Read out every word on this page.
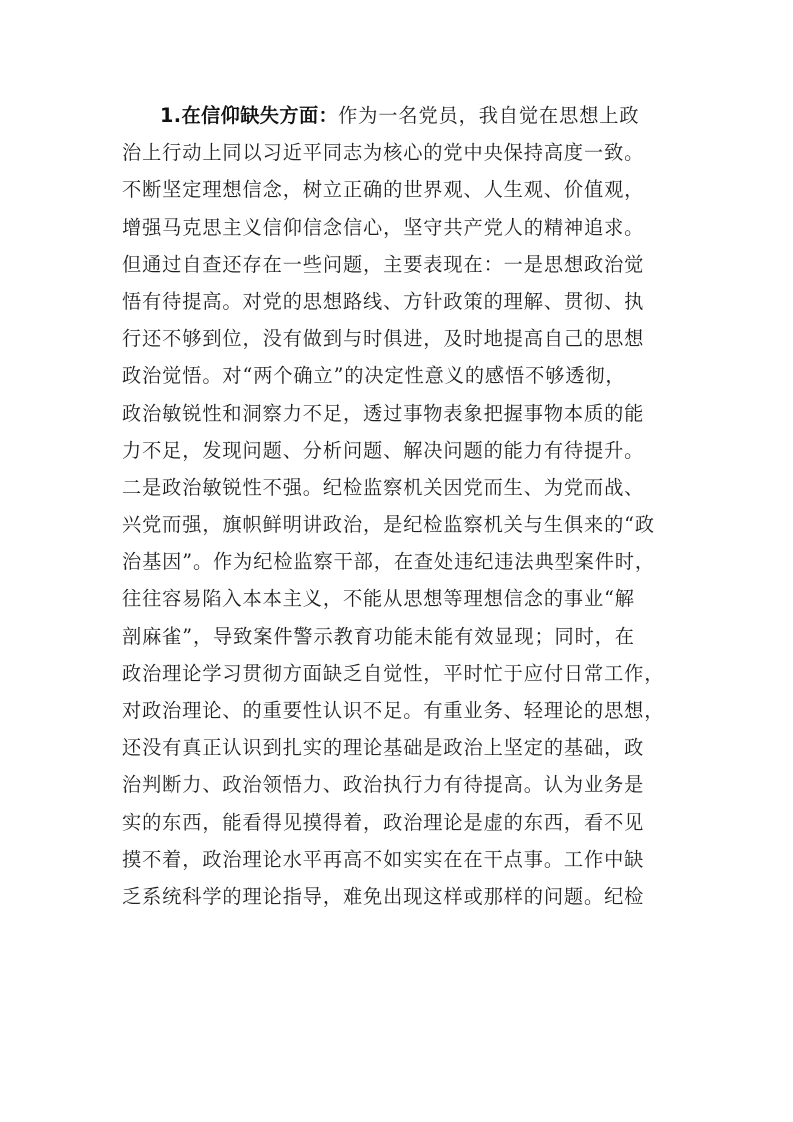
1.在信仰缺失方面：作为一名党员，我自觉在思想上政
治上行动上同以习近平同志为核心的党中央保持高度一致。
不断坚定理想信念，树立正确的世界观、人生观、价值观，
增强马克思主义信仰信念信心，坚守共产党人的精神追求。
但通过自查还存在一些问题，主要表现在：一是思想政治觉
悟有待提高。对党的思想路线、方针政策的理解、贯彻、执
行还不够到位，没有做到与时俱进，及时地提高自己的思想
政治觉悟。对“两个确立”的决定性意义的感悟不够透彻，
政治敏锐性和洞察力不足，透过事物表象把握事物本质的能
力不足，发现问题、分析问题、解决问题的能力有待提升。
二是政治敏锐性不强。纪检监察机关因党而生、为党而战、
兴党而强，旗帜鲜明讲政治，是纪检监察机关与生俱来的“政
治基因”。作为纪检监察干部，在查处违纪违法典型案件时，
往往容易陷入本本主义，不能从思想等理想信念的事业“解
剖麻雀”，导致案件警示教育功能未能有效显现；同时，在
政治理论学习贯彻方面缺乏自觉性，平时忙于应付日常工作，
对政治理论、的重要性认识不足。有重业务、轻理论的思想，
还没有真正认识到扎实的理论基础是政治上坚定的基础，政
治判断力、政治领悟力、政治执行力有待提高。认为业务是
实的东西，能看得见摸得着，政治理论是虚的东西，看不见
摸不着，政治理论水平再高不如实实在在干点事。工作中缺
乏系统科学的理论指导，难免出现这样或那样的问题。纪检
